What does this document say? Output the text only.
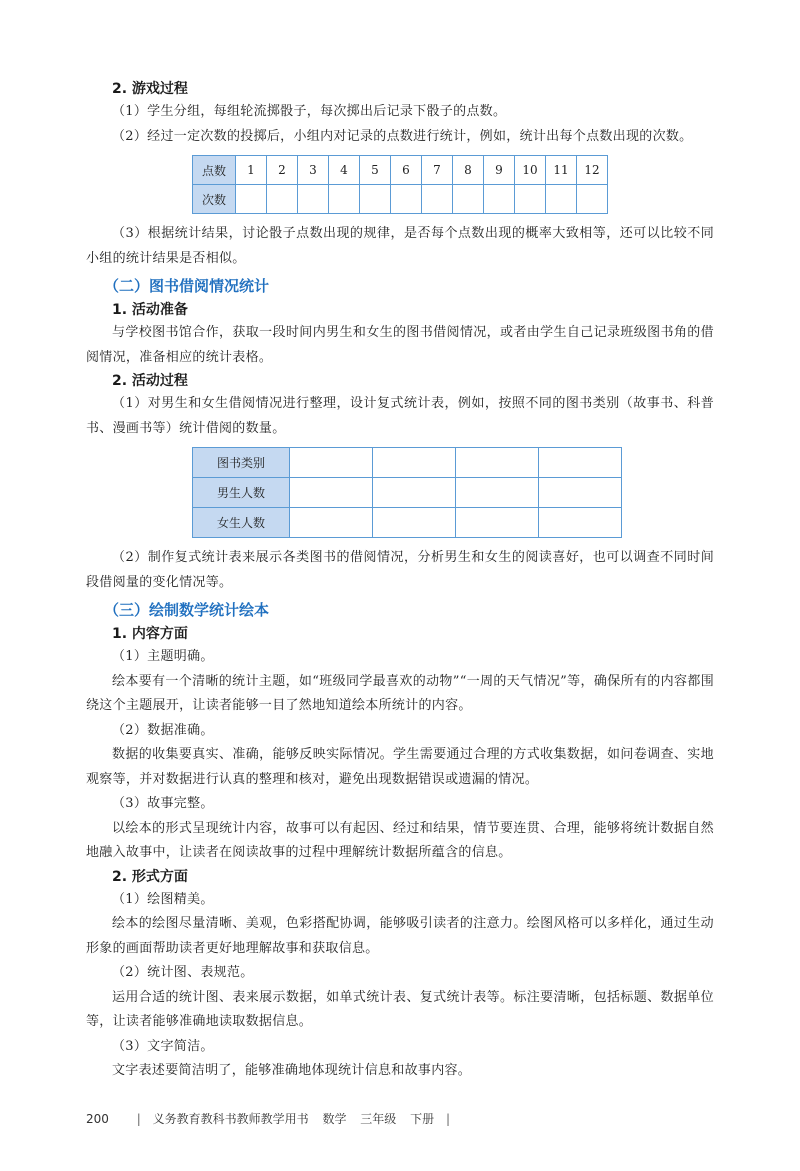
2. 游戏过程

（1）学生分组，每组轮流掷骰子，每次掷出后记录下骰子的点数。

（2）经过一定次数的投掷后，小组内对记录的点数进行统计，例如，统计出每个点数出现的次数。

点数	1	2	3	4	5	6	7	8	9	10	11	12
次数												

（3）根据统计结果，讨论骰子点数出现的规律，是否每个点数出现的概率大致相等，还可以比较不同小组的统计结果是否相似。

（二）图书借阅情况统计

1. 活动准备

与学校图书馆合作，获取一段时间内男生和女生的图书借阅情况，或者由学生自己记录班级图书角的借阅情况，准备相应的统计表格。

2. 活动过程

（1）对男生和女生借阅情况进行整理，设计复式统计表，例如，按照不同的图书类别（故事书、科普书、漫画书等）统计借阅的数量。

图书类别				
男生人数				
女生人数				

（2）制作复式统计表来展示各类图书的借阅情况，分析男生和女生的阅读喜好，也可以调查不同时间段借阅量的变化情况等。

（三）绘制数学统计绘本

1. 内容方面

（1）主题明确。

绘本要有一个清晰的统计主题，如“班级同学最喜欢的动物”“一周的天气情况”等，确保所有的内容都围绕这个主题展开，让读者能够一目了然地知道绘本所统计的内容。

（2）数据准确。

数据的收集要真实、准确，能够反映实际情况。学生需要通过合理的方式收集数据，如问卷调查、实地观察等，并对数据进行认真的整理和核对，避免出现数据错误或遗漏的情况。

（3）故事完整。

以绘本的形式呈现统计内容，故事可以有起因、经过和结果，情节要连贯、合理，能够将统计数据自然地融入故事中，让读者在阅读故事的过程中理解统计数据所蕴含的信息。

2. 形式方面

（1）绘图精美。

绘本的绘图尽量清晰、美观，色彩搭配协调，能够吸引读者的注意力。绘图风格可以多样化，通过生动形象的画面帮助读者更好地理解故事和获取信息。

（2）统计图、表规范。

运用合适的统计图、表来展示数据，如单式统计表、复式统计表等。标注要清晰，包括标题、数据单位等，让读者能够准确地读取数据信息。

（3）文字简洁。

文字表述要简洁明了，能够准确地体现统计信息和故事内容。

200 | 义务教育教科书教师教学用书 数学 三年级 下册 |
